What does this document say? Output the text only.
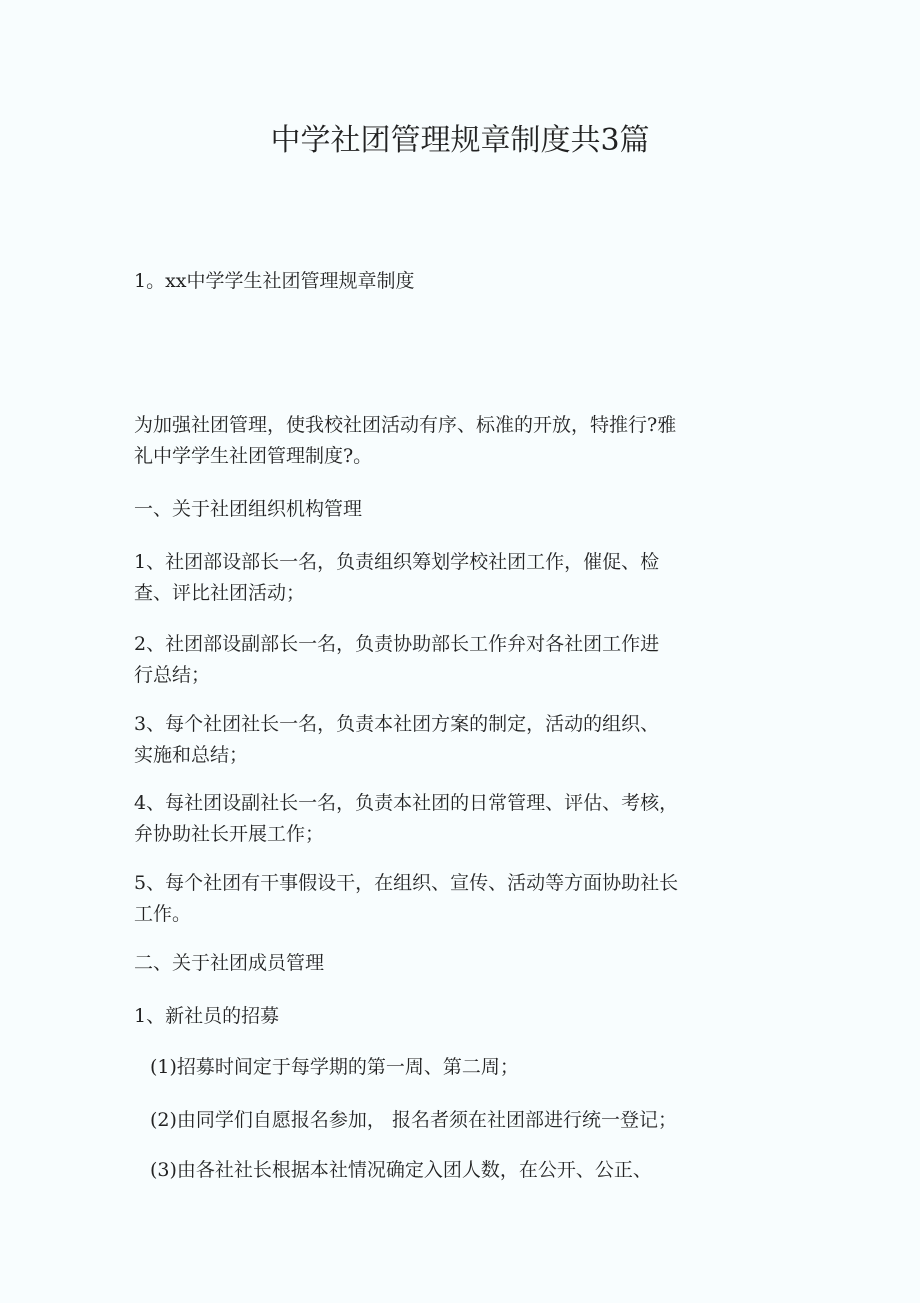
中学社团管理规章制度共3篇
1。xx中学学生社团管理规章制度
为加强社团管理，使我校社团活动有序、标准的开放，特推行?雅
礼中学学生社团管理制度?。
一、关于社团组织机构管理
1、社团部设部长一名，负责组织筹划学校社团工作，催促、检
查、评比社团活动；
2、社团部设副部长一名，负责协助部长工作弁对各社团工作进
行总结；
3、每个社团社长一名，负责本社团方案的制定，活动的组织、
实施和总结；
4、每社团设副社长一名，负责本社团的日常管理、评估、考核，
弁协助社长开展工作；
5、每个社团有干事假设干，在组织、宣传、活动等方面协助社长
工作。
二、关于社团成员管理
1、新社员的招募
(1)招募时间定于每学期的第一周、第二周；
(2)由同学们自愿报名参加， 报名者须在社团部进行统一登记；
(3)由各社社长根据本社情况确定入团人数，在公开、公正、
